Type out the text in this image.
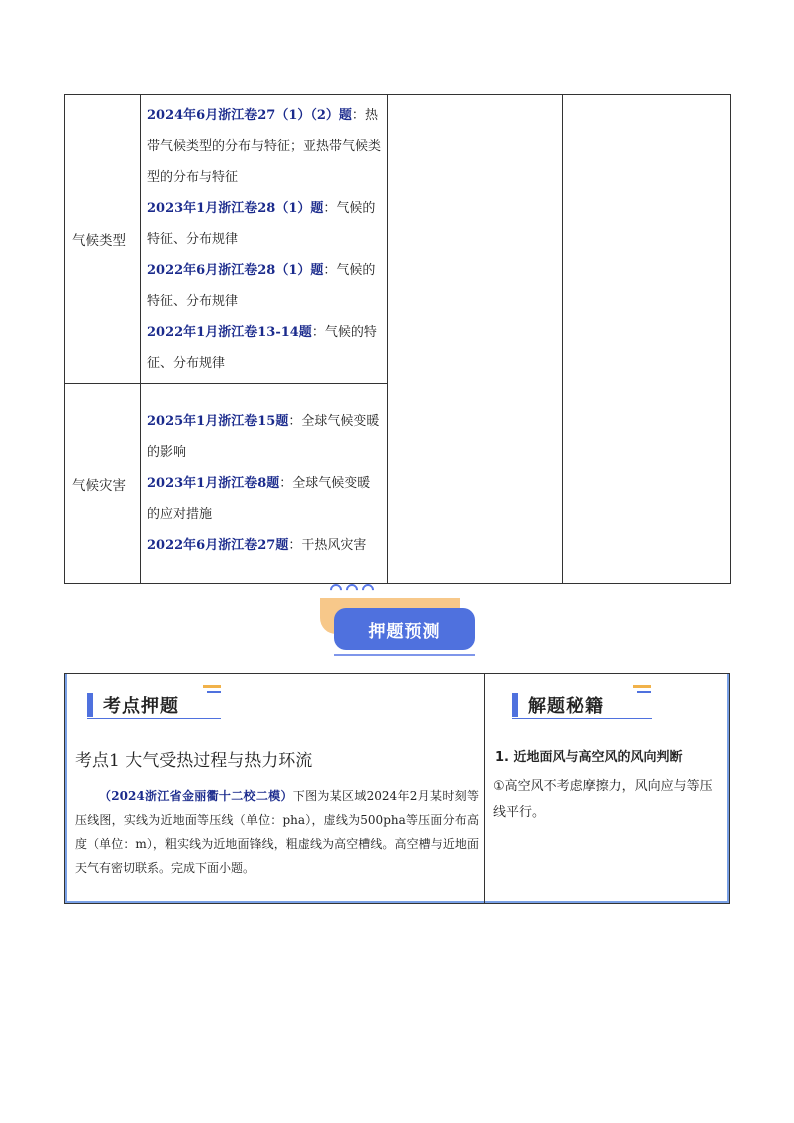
气候类型	2024年6月浙江卷27（1）（2）题：热带气候类型的分布与特征；亚热带气候类型的分布与特征
2023年1月浙江卷28（1）题：气候的特征、分布规律
2022年6月浙江卷28（1）题：气候的特征、分布规律
2022年1月浙江卷13-14题：气候的特征、分布规律		

气候灾害	2025年1月浙江卷15题：全球气候变暖的影响
2023年1月浙江卷8题：全球气候变暖的应对措施
2022年6月浙江卷27题：干热风灾害		
押题预测
考点押题
考点1 大气受热过程与热力环流
（2024浙江省金丽衢十二校二模）下图为某区域2024年2月某时刻等压线图，实线为近地面等压线（单位：pha），虚线为500pha等压面分布高度（单位：m），粗实线为近地面锋线，粗虚线为高空槽线。高空槽与近地面天气有密切联系。完成下面小题。
解题秘籍
1. 近地面风与高空风的风向判断
①高空风不考虑摩擦力，风向应与等压线平行。
